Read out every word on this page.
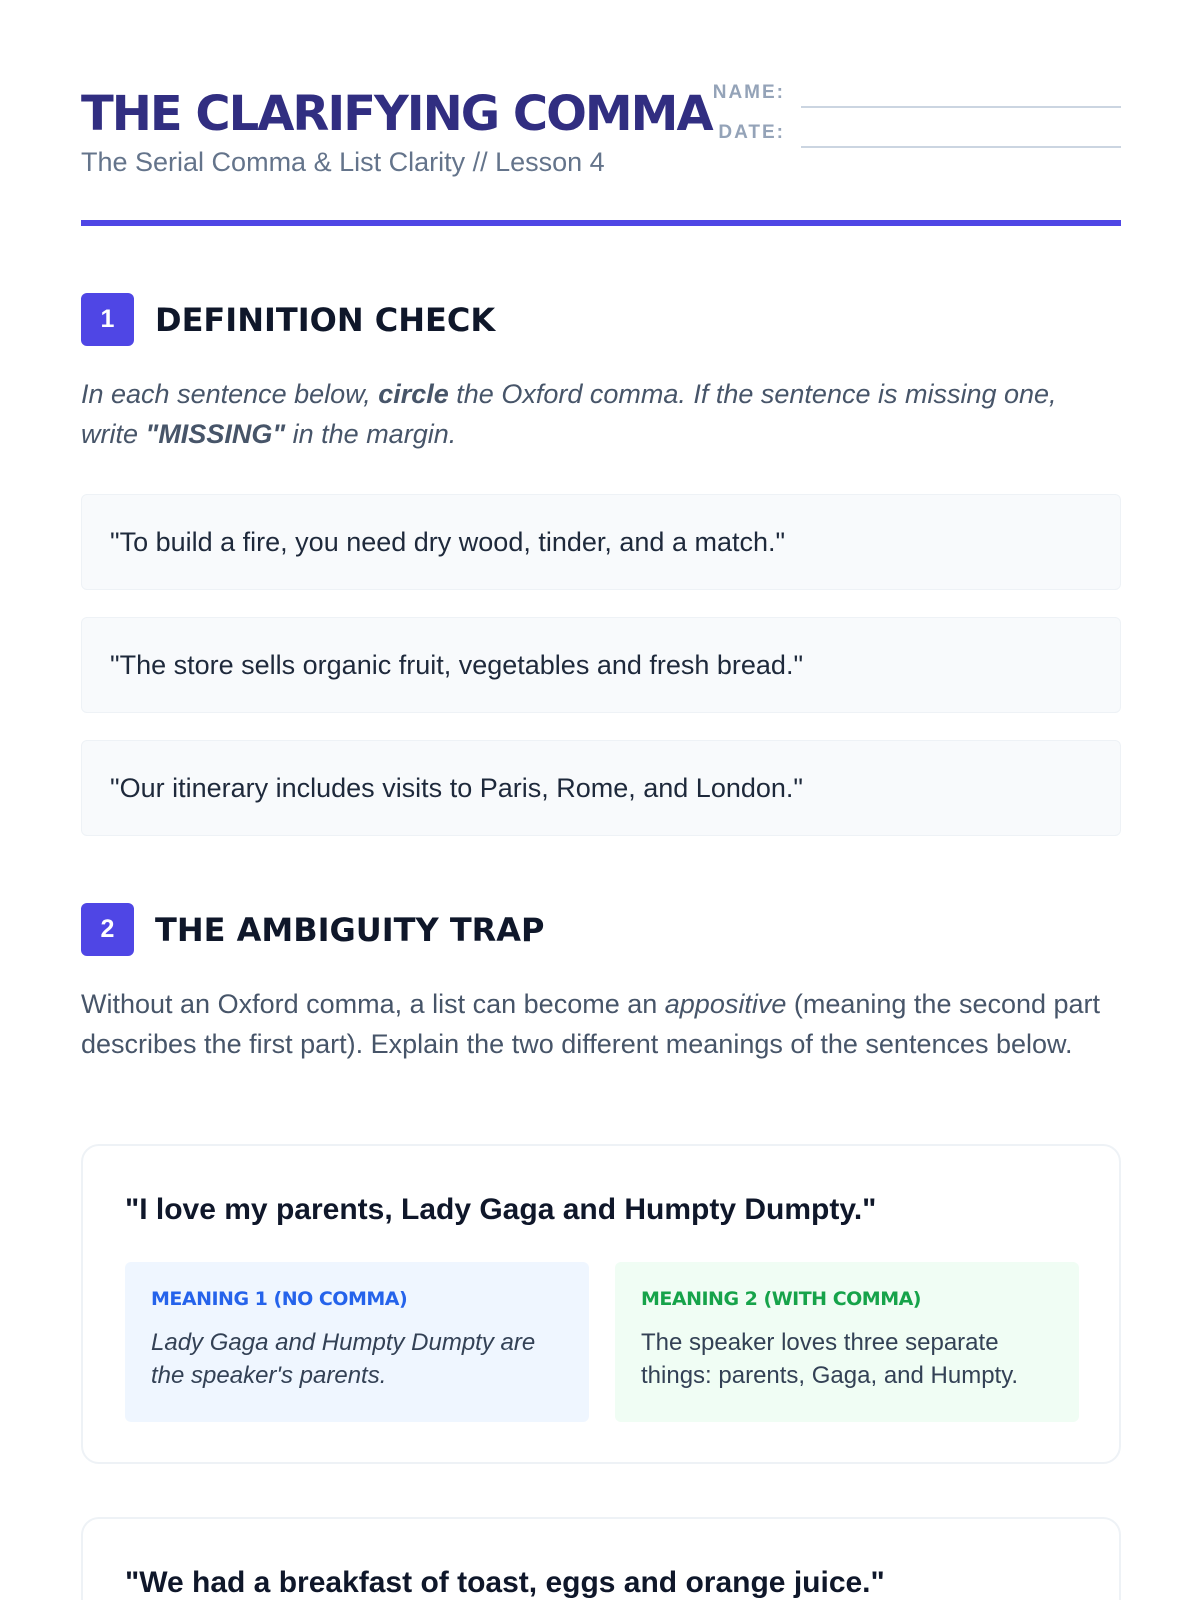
THE CLARIFYING COMMA
The Serial Comma & List Clarity // Lesson 4
NAME:
DATE:
1	DEFINITION CHECK
In each sentence below, circle the Oxford comma. If the sentence is missing one, write "MISSING" in the margin.
"To build a fire, you need dry wood, tinder, and a match."
"The store sells organic fruit, vegetables and fresh bread."
"Our itinerary includes visits to Paris, Rome, and London."
2	THE AMBIGUITY TRAP
Without an Oxford comma, a list can become an appositive (meaning the second part describes the first part). Explain the two different meanings of the sentences below.
"I love my parents, Lady Gaga and Humpty Dumpty."
MEANING 1 (NO COMMA)
Lady Gaga and Humpty Dumpty are the speaker's parents.
MEANING 2 (WITH COMMA)
The speaker loves three separate things: parents, Gaga, and Humpty.
"We had a breakfast of toast, eggs and orange juice."
